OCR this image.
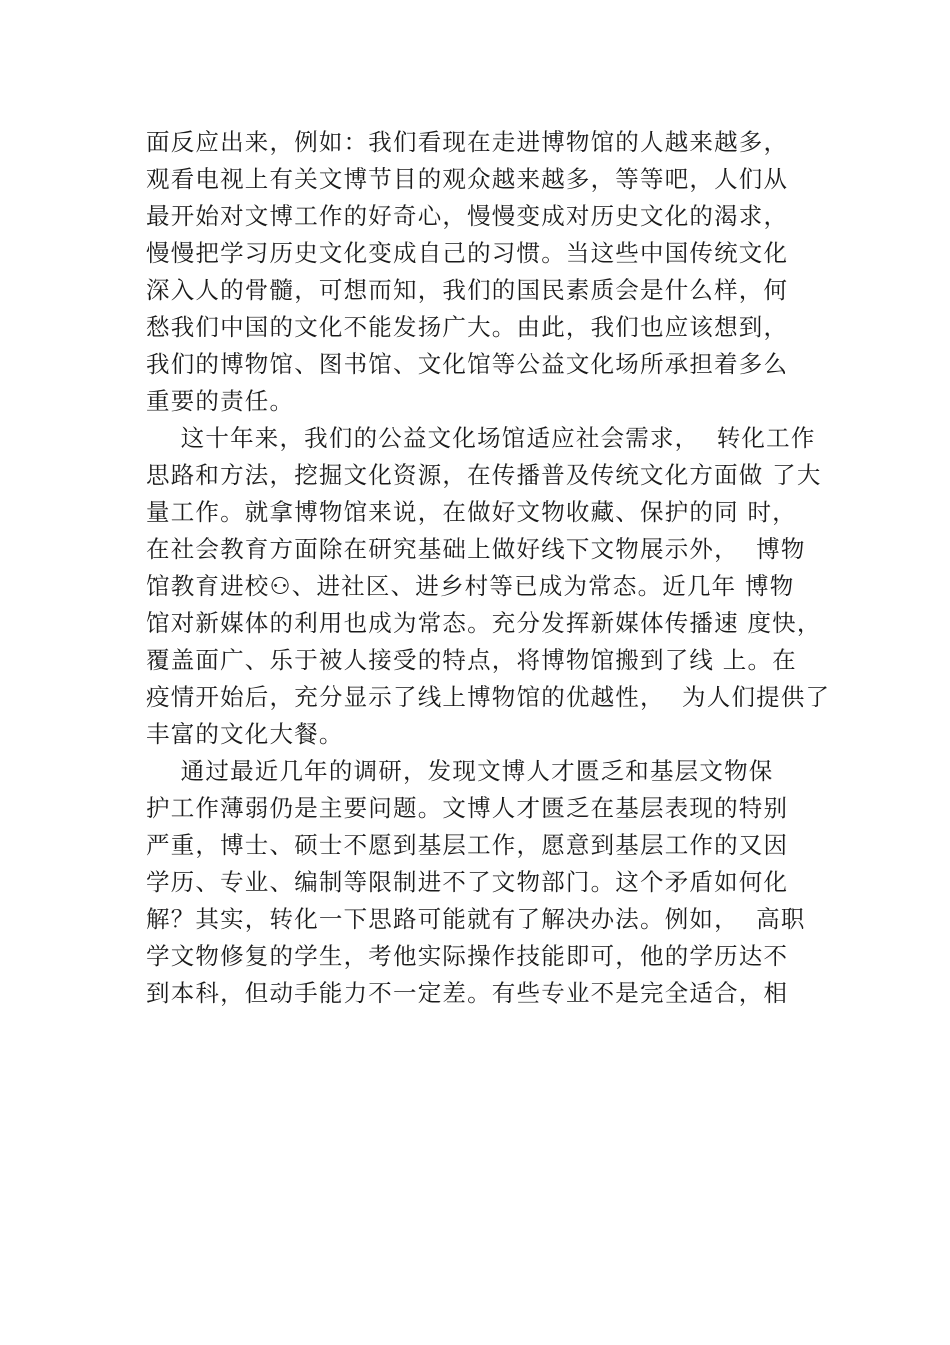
面反应出来，例如：我们看现在走进博物馆的人越来越多，
观看电视上有关文博节目的观众越来越多，等等吧，人们从
最开始对文博工作的好奇心，慢慢变成对历史文化的渴求，
慢慢把学习历史文化变成自己的习惯。当这些中国传统文化
深入人的骨髓，可想而知，我们的国民素质会是什么样，何
愁我们中国的文化不能发扬广大。由此，我们也应该想到，
我们的博物馆、图书馆、文化馆等公益文化场所承担着多么
重要的责任。
这十年来，我们的公益文化场馆适应社会需求，  转化工作
思路和方法，挖掘文化资源，在传播普及传统文化方面做 了大
量工作。就拿博物馆来说，在做好文物收藏、保护的同 时，
在社会教育方面除在研究基础上做好线下文物展示外，  博物
馆教育进校⚇、进社区、进乡村等已成为常态。近几年 博物
馆对新媒体的利用也成为常态。充分发挥新媒体传播速 度快，
覆盖面广、乐于被人接受的特点，将博物馆搬到了线 上。在
疫情开始后，充分显示了线上博物馆的优越性，  为人们提供了
丰富的文化大餐。
通过最近几年的调研，发现文博人才匮乏和基层文物保
护工作薄弱仍是主要问题。文博人才匮乏在基层表现的特别
严重，博士、硕士不愿到基层工作，愿意到基层工作的又因
学历、专业、编制等限制进不了文物部门。这个矛盾如何化
解？其实，转化一下思路可能就有了解决办法。例如，  高职
学文物修复的学生，考他实际操作技能即可，他的学历达不
到本科，但动手能力不一定差。有些专业不是完全适合，相
